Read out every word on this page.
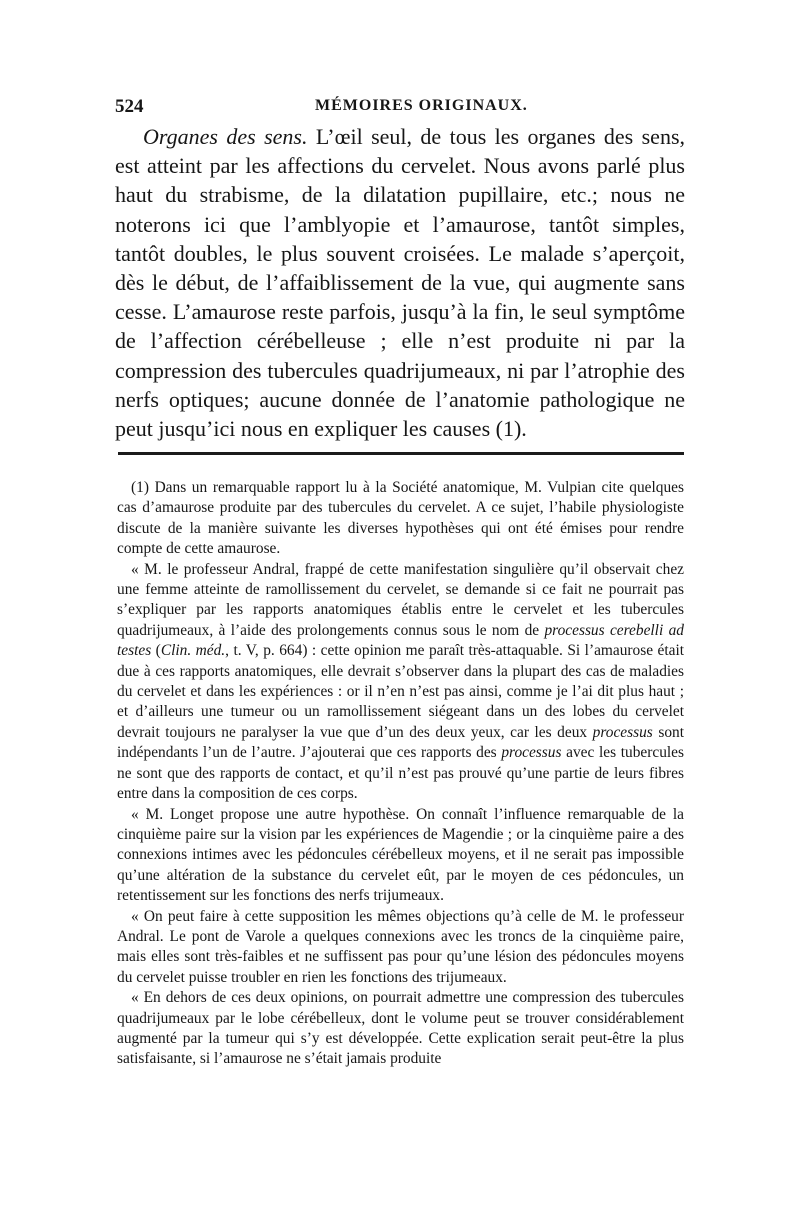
524	MÉMOIRES ORIGINAUX.

Organes des sens. L’œil seul, de tous les organes des sens, est atteint par les affections du cervelet. Nous avons parlé plus haut du strabisme, de la dilatation pupillaire, etc.; nous ne noterons ici que l’amblyopie et l’amaurose, tantôt simples, tantôt doubles, le plus souvent croisées. Le malade s’aperçoit, dès le début, de l’affaiblissement de la vue, qui augmente sans cesse. L’amaurose reste parfois, jusqu’à la fin, le seul symptôme de l’affection cérébelleuse ; elle n’est produite ni par la compression des tubercules quadrijumeaux, ni par l’atrophie des nerfs optiques; aucune donnée de l’anatomie pathologique ne peut jusqu’ici nous en expliquer les causes (1).

(1) Dans un remarquable rapport lu à la Société anatomique, M. Vulpian cite quelques cas d’amaurose produite par des tubercules du cervelet. A ce sujet, l’habile physiologiste discute de la manière suivante les diverses hypothèses qui ont été émises pour rendre compte de cette amaurose.

« M. le professeur Andral, frappé de cette manifestation singulière qu’il observait chez une femme atteinte de ramollissement du cervelet, se demande si ce fait ne pourrait pas s’expliquer par les rapports anatomiques établis entre le cervelet et les tubercules quadrijumeaux, à l’aide des prolongements connus sous le nom de processus cerebelli ad testes (Clin. méd., t. V, p. 664) : cette opinion me paraît très-attaquable. Si l’amaurose était due à ces rapports anatomiques, elle devrait s’observer dans la plupart des cas de maladies du cervelet et dans les expériences : or il n’en n’est pas ainsi, comme je l’ai dit plus haut ; et d’ailleurs une tumeur ou un ramollissement siégeant dans un des lobes du cervelet devrait toujours ne paralyser la vue que d’un des deux yeux, car les deux processus sont indépendants l’un de l’autre. J’ajouterai que ces rapports des processus avec les tubercules ne sont que des rapports de contact, et qu’il n’est pas prouvé qu’une partie de leurs fibres entre dans la composition de ces corps.

« M. Longet propose une autre hypothèse. On connaît l’influence remarquable de la cinquième paire sur la vision par les expériences de Magendie ; or la cinquième paire a des connexions intimes avec les pédoncules cérébelleux moyens, et il ne serait pas impossible qu’une altération de la substance du cervelet eût, par le moyen de ces pédoncules, un retentissement sur les fonctions des nerfs trijumeaux.

« On peut faire à cette supposition les mêmes objections qu’à celle de M. le professeur Andral. Le pont de Varole a quelques connexions avec les troncs de la cinquième paire, mais elles sont très-faibles et ne suffissent pas pour qu’une lésion des pédoncules moyens du cervelet puisse troubler en rien les fonctions des trijumeaux.

« En dehors de ces deux opinions, on pourrait admettre une compression des tubercules quadrijumeaux par le lobe cérébelleux, dont le volume peut se trouver considérablement augmenté par la tumeur qui s’y est développée. Cette explication serait peut-être la plus satisfaisante, si l’amaurose ne s’était jamais produite
